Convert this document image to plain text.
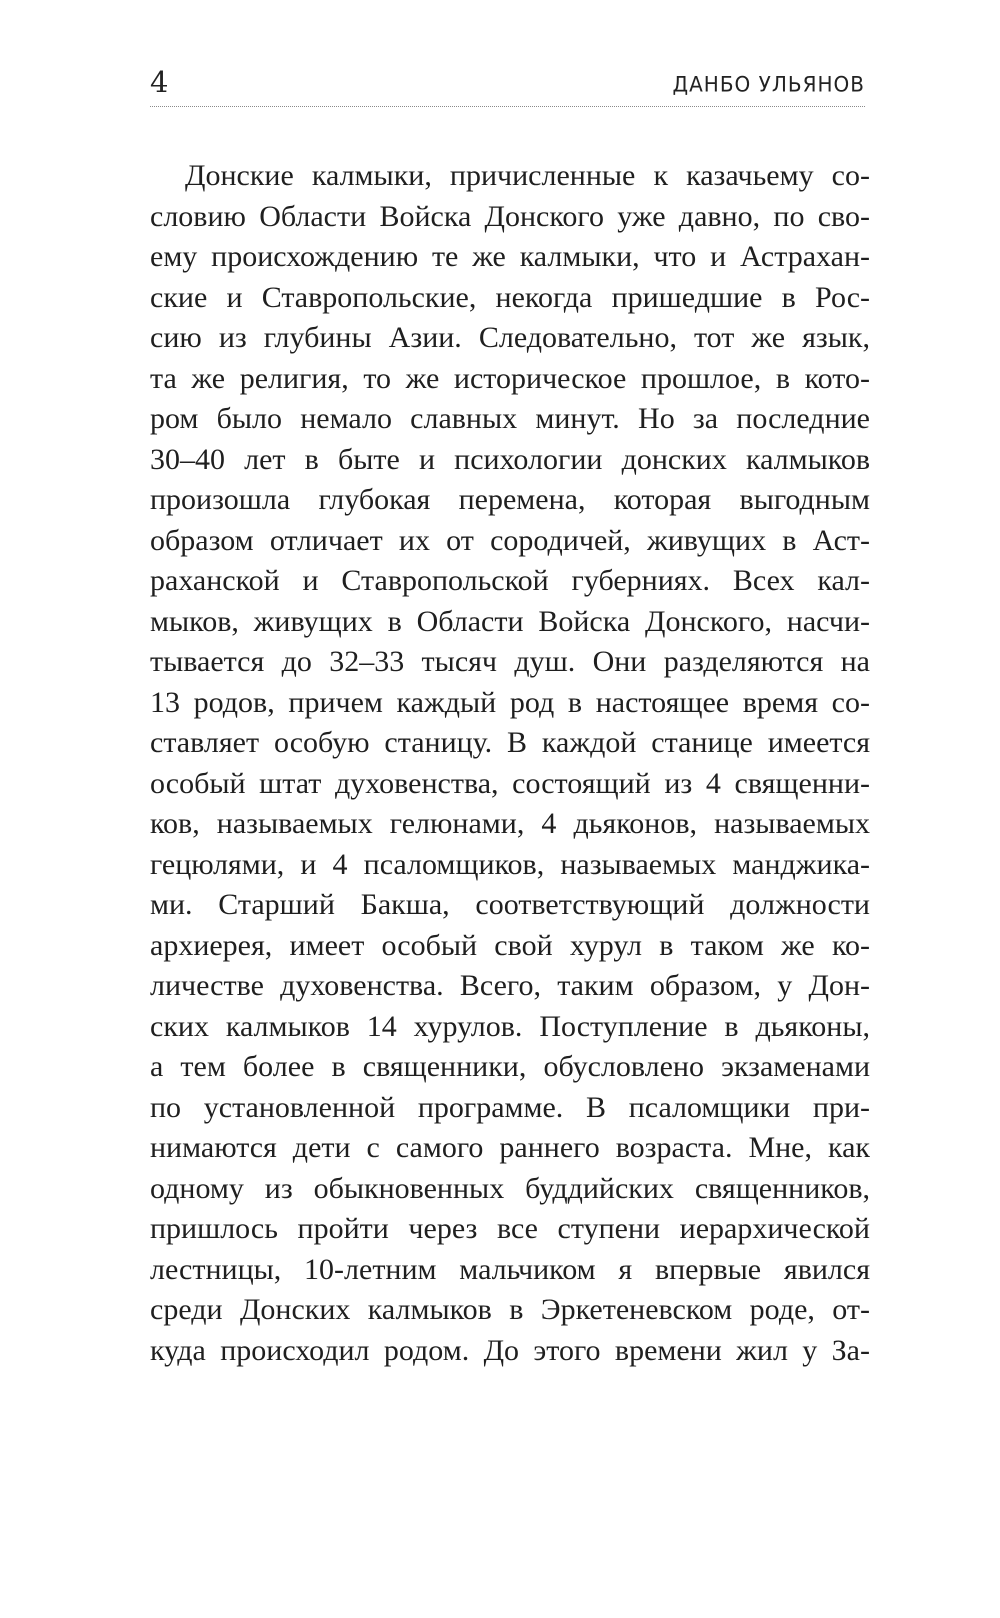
4	ДАНБО УЛЬЯНОВ
Донские калмыки, причисленные к казачьему со-
словию Области Войска Донского уже давно, по сво-
ему происхождению те же калмыки, что и Астрахан-
ские и Ставропольские, некогда пришедшие в Рос-
сию из глубины Азии. Следовательно, тот же язык,
та же религия, то же историческое прошлое, в кото-
ром было немало славных минут. Но за последние
30–40 лет в быте и психологии донских калмыков
произошла глубокая перемена, которая выгодным
образом отличает их от сородичей, живущих в Аст-
раханской и Ставропольской губерниях. Всех кал-
мыков, живущих в Области Войска Донского, насчи-
тывается до 32–33 тысяч душ. Они разделяются на
13 родов, причем каждый род в настоящее время со-
ставляет особую станицу. В каждой станице имеется
особый штат духовенства, состоящий из 4 священни-
ков, называемых гелюнами, 4 дьяконов, называемых
гецюлями, и 4 псаломщиков, называемых манджика-
ми. Старший Бакша, соответствующий должности
архиерея, имеет особый свой хурул в таком же ко-
личестве духовенства. Всего, таким образом, у Дон-
ских калмыков 14 хурулов. Поступление в дьяконы,
а тем более в священники, обусловлено экзаменами
по установленной программе. В псаломщики при-
нимаются дети с самого раннего возраста. Мне, как
одному из обыкновенных буддийских священников,
пришлось пройти через все ступени иерархической
лестницы, 10-летним мальчиком я впервые явился
среди Донских калмыков в Эркетеневском роде, от-
куда происходил родом. До этого времени жил у За-
